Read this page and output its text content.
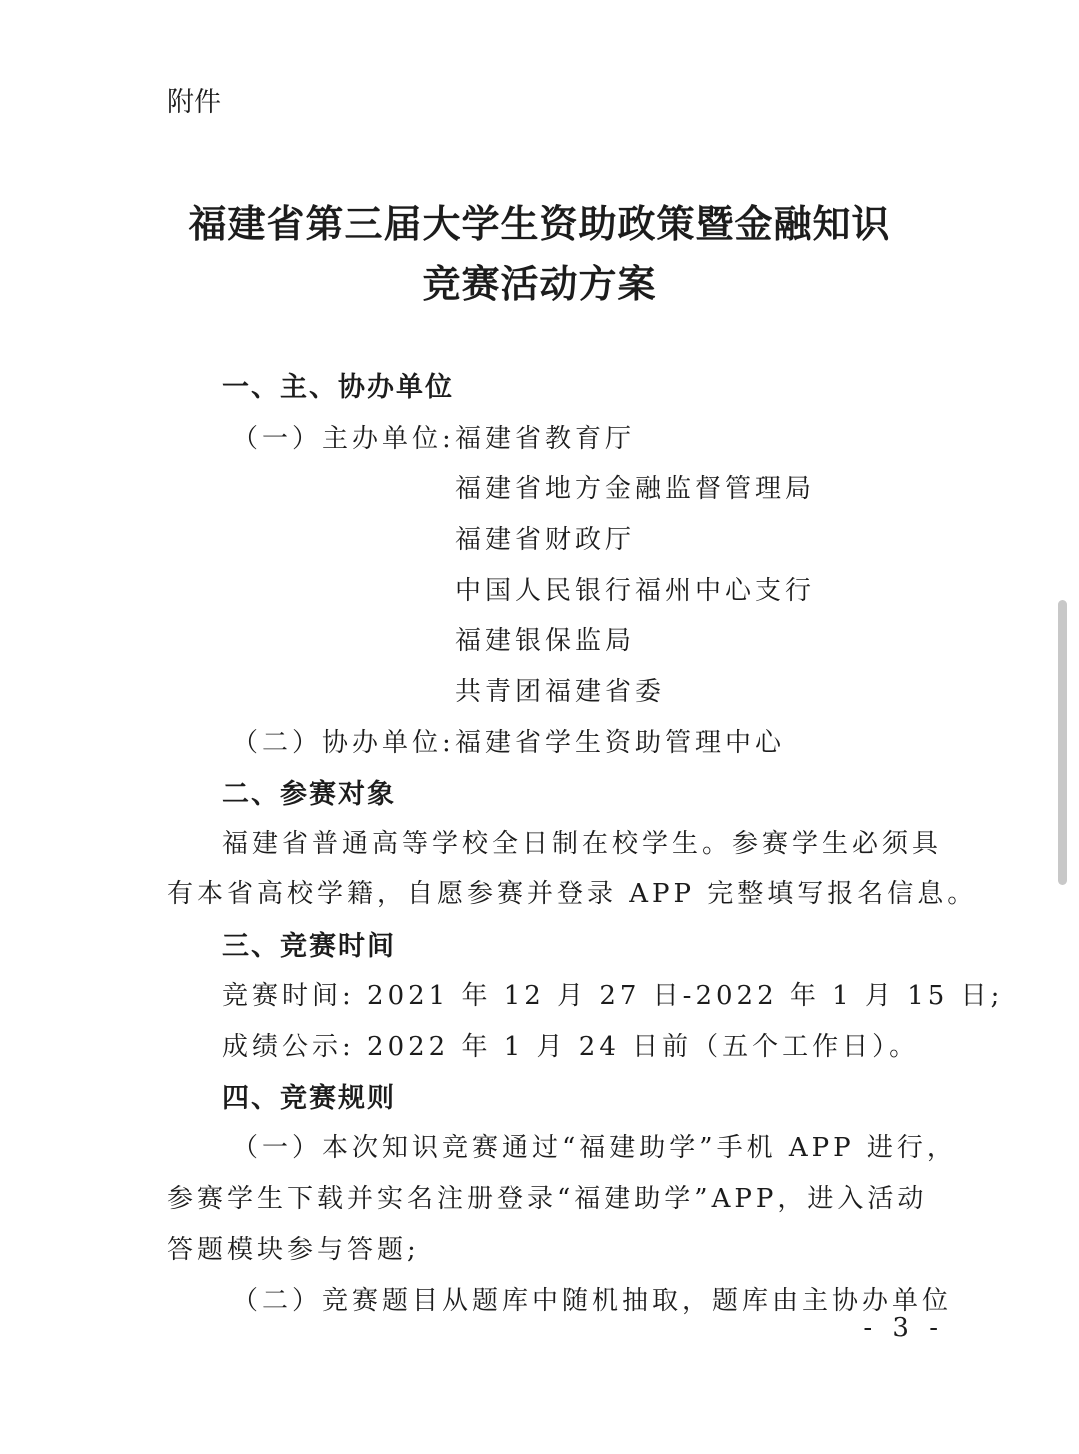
附件
福建省第三届大学生资助政策暨金融知识
竞赛活动方案
一、主、协办单位
（一）主办单位: 福建省教育厅
福建省地方金融监督管理局
福建省财政厅
中国人民银行福州中心支行
福建银保监局
共青团福建省委
（二）协办单位: 福建省学生资助管理中心
二、参赛对象
福建省普通高等学校全日制在校学生。参赛学生必须具
有本省高校学籍，自愿参赛并登录 APP 完整填写报名信息。
三、竞赛时间
竞赛时间: 2021 年 12 月 27 日-2022 年 1 月 15 日;
成绩公示: 2022 年 1 月 24 日前（五个工作日）。
四、竞赛规则
（一）本次知识竞赛通过“福建助学”手机 APP 进行，
参赛学生下载并实名注册登录“福建助学”APP，进入活动
答题模块参与答题;
（二）竞赛题目从题库中随机抽取，题库由主协办单位
- 3 -
